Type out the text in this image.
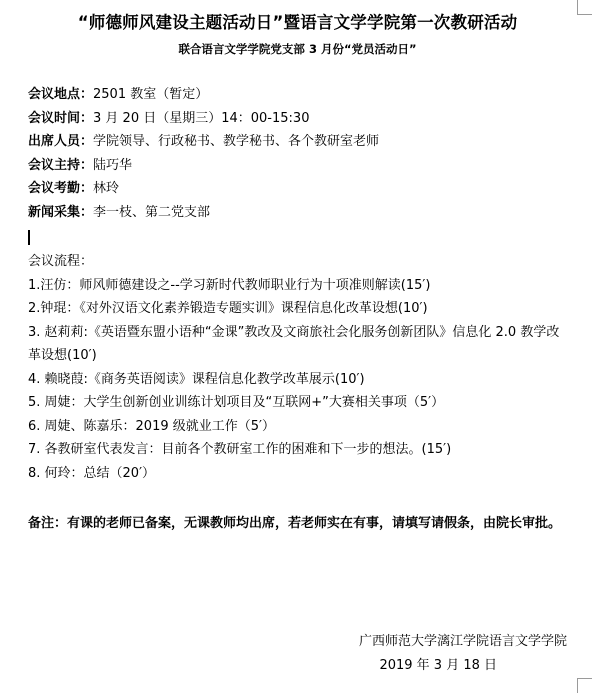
“师德师风建设主题活动日”暨语言文学学院第一次教研活动
联合语言文学学院党支部 3 月份“党员活动日”
会议地点：2501 教室（暂定）
会议时间：3 月 20 日（星期三）14：00-15:30
出席人员：学院领导、行政秘书、教学秘书、各个教研室老师
会议主持：陆巧华
会议考勤：林玲
新闻采集：李一枝、第二党支部
会议流程：
1.汪仿：师风师德建设之--学习新时代教师职业行为十项准则解读(15′)
2.钟琨：《对外汉语文化素养锻造专题实训》课程信息化改革设想(10′)
3. 赵莉莉:《英语暨东盟小语种“金课”教改及文商旅社会化服务创新团队》信息化 2.0 教学改革设想(10′)
4. 赖晓葭:《商务英语阅读》课程信息化教学改革展示(10′)
5. 周婕：大学生创新创业训练计划项目及“互联网+”大赛相关事项（5′）
6. 周婕、陈嘉乐：2019 级就业工作（5′）
7. 各教研室代表发言：目前各个教研室工作的困难和下一步的想法。(15′)
8. 何玲：总结（20′）
备注：有课的老师已备案，无课教师均出席，若老师实在有事，请填写请假条，由院长审批。
广西师范大学漓江学院语言文学学院
2019 年 3 月 18 日
